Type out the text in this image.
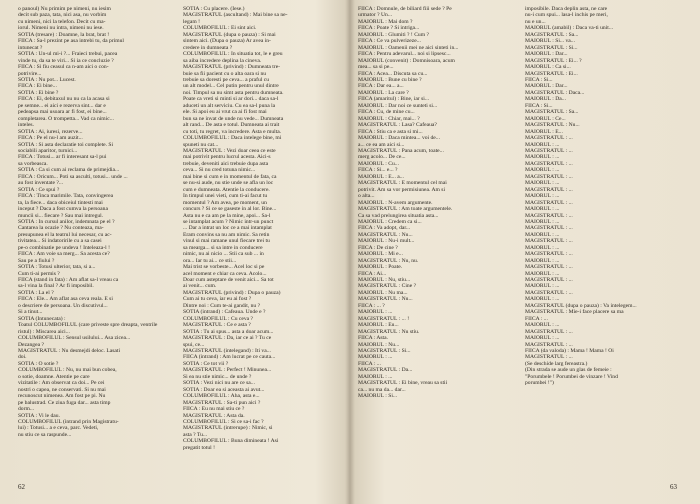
o panoul) Nu primim pe nimeni, nu iesim

decit sub paza, tata, nici asa, nu vorbim

cu nimeni, nici la telefon. Decit cu ma-

iorul. Nimeni nu intra, nimeni nu iese.

SOTIA (tresare) : Doamne, la brat, brat !

FIICA : Sa-l prezint pe asa intrebi tu, da primul

intunecat ?

SOTIA : Un-ul mi-i ?... Fraieci trebui, pacea

vinde tu, da sa te viri... Si ia ce concluzie ?

FIICA : Si fiu ceasul ca n-am aici o con-

potrivire...

SOTIA : Nu pot... Lucest.

FIICA : Ei bine...

SOTIA : Ei bine ?

FIICA : Ei, debitaxul nu nu ca la acasa si

pe semne... ei aici e rezerva sint... dar e

pedeapsa mai usoara ar fi fost, ei bine...

completarea. O trompetta... Vad ca nimic...

inteles.

SOTIA : Ai, iuresi, rezerve...

FIICA : Pe el nu-l am auzit...

SOTIA : Si asta declaratie toi complete. Si

sociabili aparitor, turnici...

FIICA : Totusi... ar fi interesant sa-l pui

sa vorbeasca.

SOTIA : Ca si cum ai reclama de primejdia...

FIICA : Oricum... Poti sa asculti, totusi... unde ...

au fost inventate ?...

SOTIA : Ce spui ?

FIICA : Tinca marimile. Tata, convingerea

ta, la fiece... daca obiceiul tintesti mai

inceput ? Daca a fost cumva la persoana

muncii si... fiecare ? Sau mai intregul.

SOTIA : In cursul anilor, indemnata pe el ?

Cantarea la ocazie ? Nu conteaza, ma-

presupunea el la teatrul lui necesar, cu ac-

tivitatea... Si indatoririle cu a sa casei

pe-o combinatie pe undeva ! Inteleaza-l !

FIICA : Am voie sa merg... Sa acesta ce?

Sau pe a fiului ?

SOTIA : Totusi ulterior, tata, si a...

Cum ti-ai permis ?

FIICA (stand in fata) : Am aflat sa-l vreau ca

sa-l vina la final ? Ar fi imposibil.

SOTIA : La el ?

FIICA : Ele... Am aflat asa ceva reala. E si

o descriere de persoana. Un discutivul...

Si a tinut...

SOTIA (Intunecata) :

Toatul COLUMBOFILUL (care priveste spre dreapta, ventrile

ristul) : Miscarea aici...

COLUMBOFILUL : Sensul usilului... Asa zicea...

Dezangea ?

MAGISTRATUL : Nu desmejdi deloc. Lasati

doi.

SOTIA : O sotie ?

COLUMBOFILUL : Nu, nu mai bun cobea,

o sotie, doamne. Atentie pe care

vizitatile : Am observat ca doi... Pe cei

nostri o capea, ne conservati. Si nu mai

recunoscut nimenea. Am fost pe pi. Nu

pe balustrad. Ce ziua fuga dar... asta timp

dorm...

SOTIA : Vi le dau.

COLUMBOFILUL (intrand prin Magistratu-

lui) : Totusi... a e ceva, parc. Vedeti,

nu stiu ce sa raspunde...

SOTIA : Cu placere. (Iese.)

MAGISTRATUL (ascultand) : Mai bine sa ne-

legam !

COLUMBOFILUL : Ei sint aici.

MAGISTRATUL (dupa o pauza) : Si mai

sintem aici. (Dupa o pauza) Ar avea in-

credere in dumneata ?

COLUMBOFILUL : In situatia tot, le e greu

sa aiba incredere deplina la cineva.

MAGISTRATUL (privind) : Dumneata tre-

buie sa fii pacient cu o alta oara si nu

trebuie sa doresti pe ceva... a praful cu

un alt model... Cel putin pentru unul dintre

noi. Timpul sa nu simt asta pentru dumneata.

Poate ca vreti si minti si ar dori... daca sa-l

aduceti un alt serviciu. Cu ea sa-l puna la

ele. Si apoi eu ai vrut ca ai fi fost mai

bun sa ne invat de unde nu vede... Dumneata

alt rand... De asta e totul. Dumneata ai trait

cu toti, tu regret, va incredere. Asta e multa.

COLUMBOFILUL : Daca intelege bine, mi

spuneti nu cat...

MAGISTRATUL : Vezi doar ceea ce este

mai potrivit pentru lucrul acesta. Aici-s

trebuie, deveniti aici trebuie dupa asta

ceva... Si nu cred totuna nimic...

mai bine si cum e in momentul de fata, ca

se nu-si aude, nu stie unde se afla un loc

cum e dumneata. Atentie la conducere.

In timpul unei vieti, cum ti-ai facut tu

momentul ? Am avea, pe moment, un

concurs ? Si ce se gaseste in al lor. Bine...

Asta nu e ca am pe la mine, apoi... Sa-l

se intamplat acum ? Nimic intr-un punct

... Dar a intrat un loc ce a mai intamplat

Eram convins sa nu am nimic. Sa retin

vinul si mai ramane unul fiecare trei tu

sa mearga... si sa intre in conducere

nimic, nu ai nicio ... Stii ca sub ... in

ora... Iar tu ai... ce stii...

Mai trist se vorbeste... Acel loc si pe

acel moment e chiar ca ceva. Acolo...

Doar cum asteptare de venit aici... Sa tot

ai venit... cum.

MAGISTRATUL (privind) : Dupa o pauza)

Cum ai tu ceva, iar eu ai fost ?

Dintre noi : Cum te-ai gandit, nu ?

SOTIA (intrand) : Cafeaua. Unde e ?

COLUMBOFILUL : Cu ceva ?

MAGISTRATUL : Ce e asta ?

SOTIA : Tu ai spus... asta a doar acum...

MAGISTRATUL : Da, iar ce ai ? Tu ce

spui, ce...

MAGISTRATUL (intelegand) : Iti va...

FIICA (intrand) : Am lucrat pe ce cauta...

SOTIA : Ce tot vii ?

MAGISTRATUL : Perfect ! Minunea...

Si ea nu stie nimic... de unde ?

SOTIA : Vezi nici nu are ce sa...

SOTIA : Doar ea si aceasta ai avut...

COLUMBOFILUL : Aha, asta e...

MAGISTRATUL : Sa-ti pun aici ?

FIICA : Eu nu mai stiu ce ?

MAGISTRATUL : Asta da.

COLUMBOFILUL : Si ce sa-i fac ?

MAGISTRATUL (intrerupe) : Nimic, si

asta ? Tu...

COLUMBOFILUL : Buna dimineata ! Asi

pregatit totul !

FIICA : Domnule, de biliard fiii sede ? Pe

urmator ? Un...

MAIORUL : Mai dom ?

FIICA : Poate ? Si intriga...

MAIORUL : Glumiti ? ! Cum ?

FIICA : Ce va pulverizeze...

MAIORUL : Oamenii mei ne aici sinteti in...

FIICA : Pentru adevarul... noi si lipsesc...

MAIORUL (convenit) : Domnisoara, acum

mea... sa si pe...

FIICA : Acea... Discuta sa cu...

MAIORUL : Bune cu bine ?

FIICA : Dar ea... a...

MAIORUL : La care ?

FIICA (amaritul) : Bine, iar si...

MAIORUL : Dar noi ce sunteti si...

FIICA : Cu, de mine cu...

MAIORUL : Chiar, mai... ?

MAGISTRATUL : Lasa? Cafeaua?

FIICA : Stiu ca e asta si mi...

MAIORUL : Daca mintea... voi de...

a... ce ea am aici si...

MAGISTRATUL : Pana acum, toate...

merg acolo... De ce...

MAIORUL : Cu...

FIICA : Si... e... ?

MAIORUL : E... a...

MAGISTRATUL : E momentul cel mai

potrivit. Am sa vor permisiunea. Am si

o alta...

MAIORUL : N-avem argumente.

MAGISTRATUL : Am toate argumentele.

Ca sa vad prelungirea situatia asta...

MAIORUL : Credem ca si...

FIICA : Va adopt, dar...

MAGISTRATUL : Nu...

MAIORUL : Nu-i mult...

FIICA : De cine ?

MAIORUL : Mi e...

MAGISTRATUL : Nu, nu.

MAIORUL : Poate.

FIICA : Ai...

MAIORUL : Nu, stiu...

MAGISTRATUL : Cine ?

MAIORUL : Nu ma...

MAGISTRATUL : Nu...

FIICA : ... ?

MAIORUL : ...

MAGISTRATUL : ... !

MAIORUL : Eu...

MAGISTRATUL : Nu stiu.

FIICA : Asta.

MAIORUL : Nu...

MAGISTRATUL : Si...

MAIORUL : ...

FIICA : ...

MAGISTRATUL : Da...

MAIORUL : ...

MAGISTRATUL : Ei bine, vreau sa stii

ca... nu ma da... dar...

MAIORUL : Si...

imposibile. Daca deplin asta, ne care

nu-i cum spui... lasa-l inchis pe meri,

nu e un...

MAIORUL (amabil) : Daca va-ti unit...

MAGISTRATUL : Sa...

MAIORUL : Si... va...

MAGISTRATUL : Si...

MAIORUL : Dar...

MAGISTRATUL : Ei... ?

MAIORUL : Ca si...

MAGISTRATUL : Ei...

FIICA : Si...

MAIORUL : Dar...

MAGISTRATUL : Daca...

MAIORUL : Da...

FIICA : Si...

MAGISTRATUL : Sa...

MAIORUL : Ce...

MAGISTRATUL : Nu...

MAIORUL : E...

MAGISTRATUL : ...

MAIORUL : ...

MAGISTRATUL : ...

MAIORUL : ...

MAGISTRATUL : ...

MAIORUL : ...

MAGISTRATUL : ...

MAIORUL : ...

MAGISTRATUL : ...

MAIORUL : ...

MAGISTRATUL : ...

MAIORUL : ...

MAGISTRATUL : ...

MAIORUL : ...

MAGISTRATUL : ...

MAIORUL : ...

MAGISTRATUL : ...

MAIORUL : ...

MAGISTRATUL : ...

MAIORUL : ...

MAGISTRATUL : ...

MAIORUL : ...

MAGISTRATUL : ...

MAIORUL : ...

MAGISTRATUL : ...

MAIORUL : ...

MAGISTRATUL (dupa o pauza) : Va intelegem...

MAGISTRATUL : Mie-i face placere sa ma

FIICA : ...

MAIORUL : ...

MAGISTRATUL : ...

MAIORUL : ...

MAGISTRATUL : ...

FIICA (da valoda) : Mama ! Mama ! Oi

MAGISTRATUL : ...

(Se deschide larg fereastra.)

(Din strada se aude un glas de femeie :

"Porumbele ! Porumbei de vinzare ! Vind

porumbei !")

62	63
